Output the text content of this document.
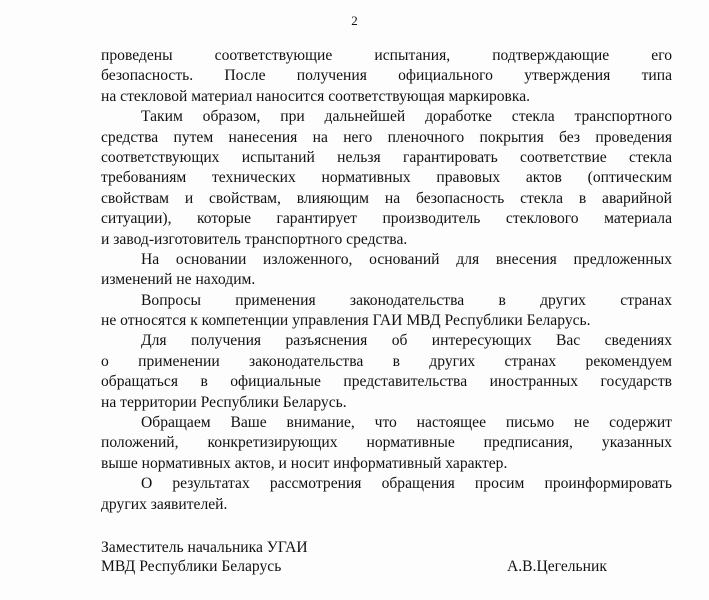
2
проведены соответствующие испытания, подтверждающие его
безопасность. После получения официального утверждения типа
на стекловой материал наносится соответствующая маркировка.
Таким образом, при дальнейшей доработке стекла транспортного
средства путем нанесения на него пленочного покрытия без проведения
соответствующих испытаний нельзя гарантировать соответствие стекла
требованиям технических нормативных правовых актов (оптическим
свойствам и свойствам, влияющим на безопасность стекла в аварийной
ситуации), которые гарантирует производитель стеклового материала
и завод-изготовитель транспортного средства.
На основании изложенного, оснований для внесения предложенных
изменений не находим.
Вопросы применения законодательства в других странах
не относятся к компетенции управления ГАИ МВД Республики Беларусь.
Для получения разъяснения об интересующих Вас сведениях
о применении законодательства в других странах рекомендуем
обращаться в официальные представительства иностранных государств
на территории Республики Беларусь.
Обращаем Ваше внимание, что настоящее письмо не содержит
положений, конкретизирующих нормативные предписания, указанных
выше нормативных актов, и носит информативный характер.
О результатах рассмотрения обращения просим проинформировать
других заявителей.
Заместитель начальника УГАИ
МВД Республики Беларусь	А.В.Цегельник
